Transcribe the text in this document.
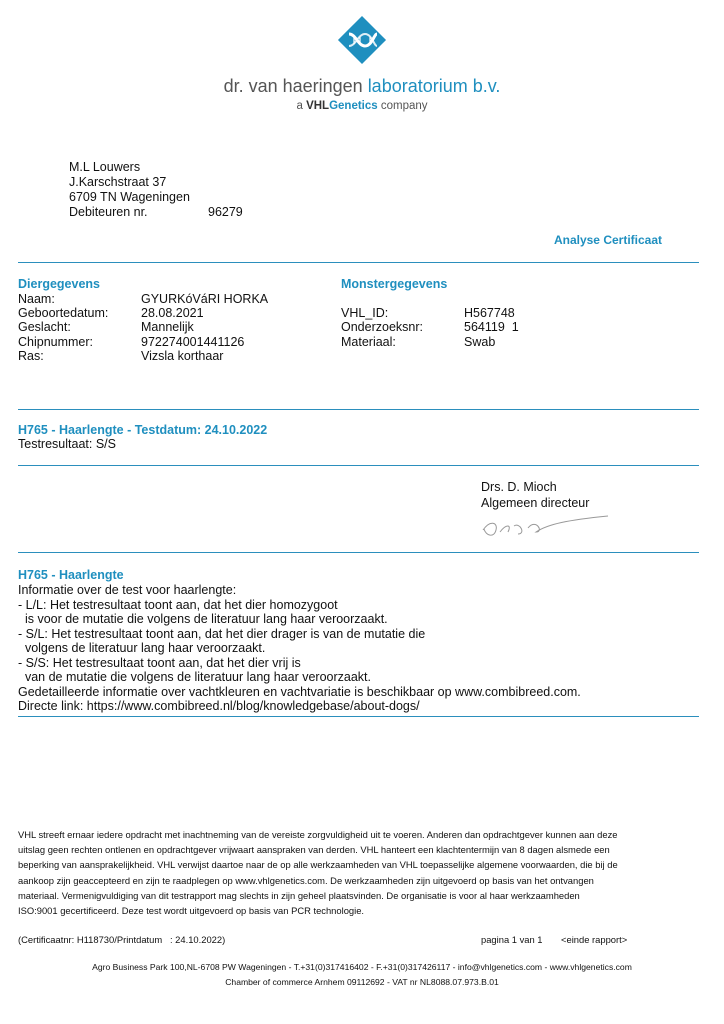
dr. van haeringen laboratorium b.v.
a VHLGenetics company
M.L Louwers
J.Karschstraat 37
6709 TN Wageningen
Debiteuren nr.	96279
Analyse Certificaat
Diergegevens
Naam:	GYURKóVáRI HORKA
Geboortedatum:	28.08.2021
Geslacht:	Mannelijk
Chipnummer:	972274001441126
Ras:	Vizsla korthaar
Monstergegevens
VHL_ID:	H567748
Onderzoeksnr:	564119  1
Materiaal:	Swab
H765 - Haarlengte - Testdatum: 24.10.2022
Testresultaat: S/S
Drs. D. Mioch
Algemeen directeur
H765 - Haarlengte
Informatie over de test voor haarlengte:
- L/L: Het testresultaat toont aan, dat het dier homozygoot
is voor de mutatie die volgens de literatuur lang haar veroorzaakt.
- S/L: Het testresultaat toont aan, dat het dier drager is van de mutatie die
volgens de literatuur lang haar veroorzaakt.
- S/S: Het testresultaat toont aan, dat het dier vrij is
van de mutatie die volgens de literatuur lang haar veroorzaakt.
Gedetailleerde informatie over vachtkleuren en vachtvariatie is beschikbaar op www.combibreed.com.
Directe link: https://www.combibreed.nl/blog/knowledgebase/about-dogs/
VHL streeft ernaar iedere opdracht met inachtneming van de vereiste zorgvuldigheid uit te voeren. Anderen dan opdrachtgever kunnen aan deze
uitslag geen rechten ontlenen en opdrachtgever vrijwaart aanspraken van derden. VHL hanteert een klachtentermijn van 8 dagen alsmede een
beperking van aansprakelijkheid. VHL verwijst daartoe naar de op alle werkzaamheden van VHL toepasselijke algemene voorwaarden, die bij de
aankoop zijn geaccepteerd en zijn te raadplegen op www.vhlgenetics.com. De werkzaamheden zijn uitgevoerd op basis van het ontvangen
materiaal. Vermenigvuldiging van dit testrapport mag slechts in zijn geheel plaatsvinden. De organisatie is voor al haar werkzaamheden
ISO:9001 gecertificeerd. Deze test wordt uitgevoerd op basis van PCR technologie.
(Certificaatnr: H118730/Printdatum   : 24.10.2022)	pagina 1 van 1 <einde rapport>
Agro Business Park 100,NL-6708 PW Wageningen - T.+31(0)317416402 - F.+31(0)317426117 - info@vhlgenetics.com - www.vhlgenetics.com
Chamber of commerce Arnhem 09112692 - VAT nr NL8088.07.973.B.01
